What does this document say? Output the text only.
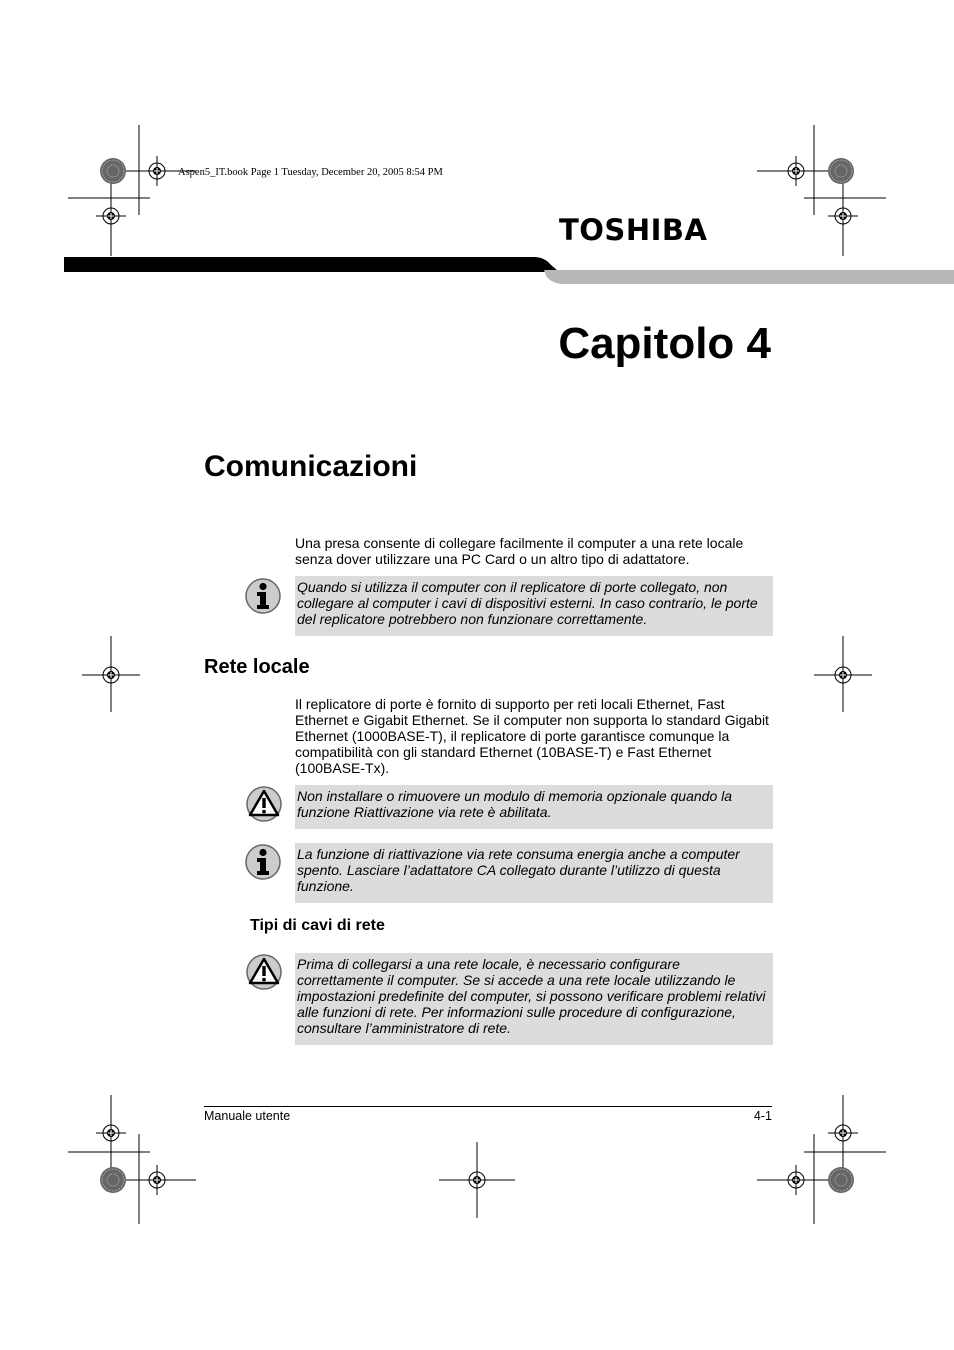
Aspen5_IT.book Page 1 Tuesday, December 20, 2005 8:54 PM
TOSHIBA
Capitolo 4
Comunicazioni
Una presa consente di collegare facilmente il computer a una rete locale senza dover utilizzare una PC Card o un altro tipo di adattatore.
Quando si utilizza il computer con il replicatore di porte collegato, non collegare al computer i cavi di dispositivi esterni. In caso contrario, le porte del replicatore potrebbero non funzionare correttamente.
Rete locale
Il replicatore di porte è fornito di supporto per reti locali Ethernet, Fast Ethernet e Gigabit Ethernet. Se il computer non supporta lo standard Gigabit Ethernet (1000BASE-T), il replicatore di porte garantisce comunque la compatibilità con gli standard Ethernet (10BASE-T) e Fast Ethernet (100BASE-Tx).
Non installare o rimuovere un modulo di memoria opzionale quando la funzione Riattivazione via rete è abilitata.
La funzione di riattivazione via rete consuma energia anche a computer spento. Lasciare l’adattatore CA collegato durante l’utilizzo di questa funzione.
Tipi di cavi di rete
Prima di collegarsi a una rete locale, è necessario configurare correttamente il computer. Se si accede a una rete locale utilizzando le impostazioni predefinite del computer, si possono verificare problemi relativi alle funzioni di rete. Per informazioni sulle procedure di configurazione, consultare l’amministratore di rete.
Manuale utente	4-1
